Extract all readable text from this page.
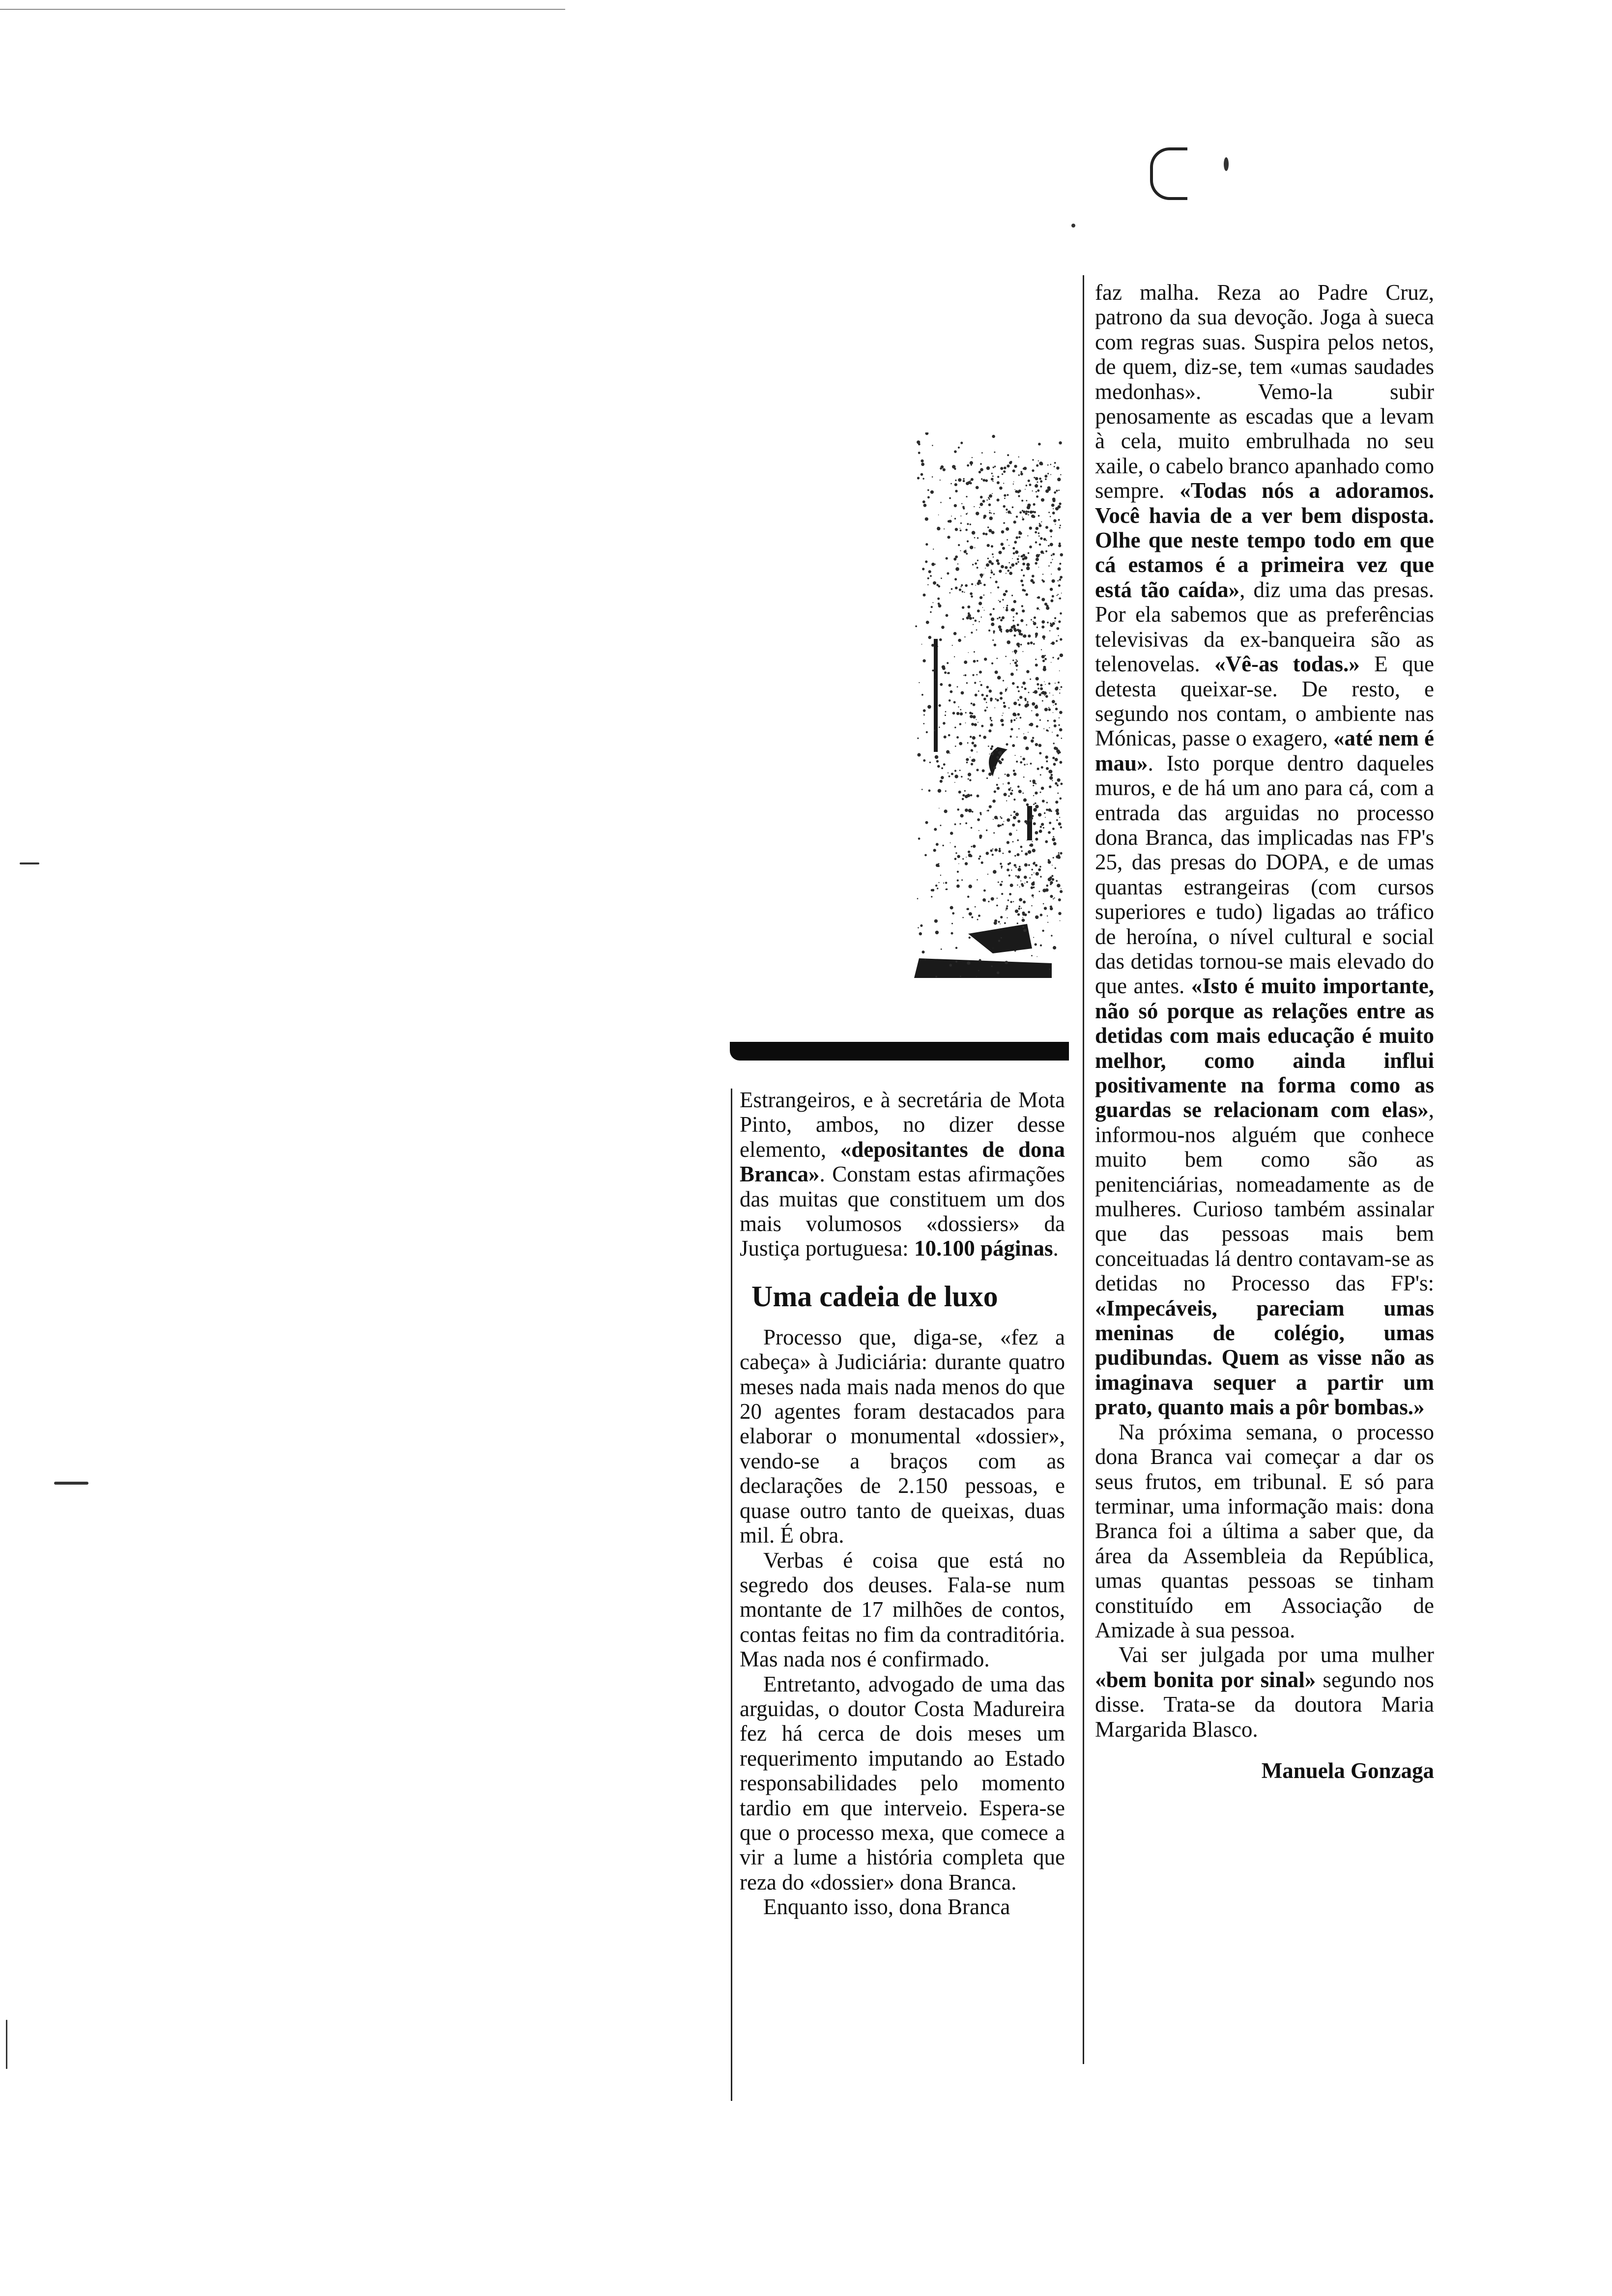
Estrangeiros, e à secretária de Mota Pinto, ambos, no dizer desse elemento, «depositantes de dona Branca». Constam estas afirmações das muitas que constituem um dos mais volumosos «dossiers» da Justiça portuguesa: 10.100 páginas.

Uma cadeia de luxo

Processo que, diga-se, «fez a cabeça» à Judiciária: durante quatro meses nada mais nada menos do que 20 agentes foram destacados para elaborar o monumental «dossier», vendo-se a braços com as declarações de 2.150 pessoas, e quase outro tanto de queixas, duas mil. É obra.

Verbas é coisa que está no segredo dos deuses. Fala-se num montante de 17 milhões de contos, contas feitas no fim da contraditória. Mas nada nos é confirmado.

Entretanto, advogado de uma das arguidas, o doutor Costa Madureira fez há cerca de dois meses um requerimento imputando ao Estado responsabilidades pelo momento tardio em que interveio. Espera-se que o processo mexa, que comece a vir a lume a história completa que reza do «dossier» dona Branca.

Enquanto isso, dona Branca

faz malha. Reza ao Padre Cruz, patrono da sua devoção. Joga à sueca com regras suas. Suspira pelos netos, de quem, diz-se, tem «umas saudades medonhas». Vemo-la subir penosamente as escadas que a levam à cela, muito embrulhada no seu xaile, o cabelo branco apanhado como sempre. «Todas nós a adoramos. Você havia de a ver bem disposta. Olhe que neste tempo todo em que cá estamos é a primeira vez que está tão caída», diz uma das presas. Por ela sabemos que as preferências televisivas da ex-banqueira são as telenovelas. «Vê-as todas.» E que detesta queixar-se. De resto, e segundo nos contam, o ambiente nas Mónicas, passe o exagero, «até nem é mau». Isto porque dentro daqueles muros, e de há um ano para cá, com a entrada das arguidas no processo dona Branca, das implicadas nas FP's 25, das presas do DOPA, e de umas quantas estrangeiras (com cursos superiores e tudo) ligadas ao tráfico de heroína, o nível cultural e social das detidas tornou-se mais elevado do que antes. «Isto é muito importante, não só porque as relações entre as detidas com mais educação é muito melhor, como ainda influi positivamente na forma como as guardas se relacionam com elas», informou-nos alguém que conhece muito bem como são as penitenciárias, nomeadamente as de mulheres. Curioso também assinalar que das pessoas mais bem conceituadas lá dentro contavam-se as detidas no Processo das FP's: «Impecáveis, pareciam umas meninas de colégio, umas pudibundas. Quem as visse não as imaginava sequer a partir um prato, quanto mais a pôr bombas.»

Na próxima semana, o processo dona Branca vai começar a dar os seus frutos, em tribunal. E só para terminar, uma informação mais: dona Branca foi a última a saber que, da área da Assembleia da República, umas quantas pessoas se tinham constituído em Associação de Amizade à sua pessoa.

Vai ser julgada por uma mulher «bem bonita por sinal» segundo nos disse. Trata-se da doutora Maria Margarida Blasco.

Manuela Gonzaga
